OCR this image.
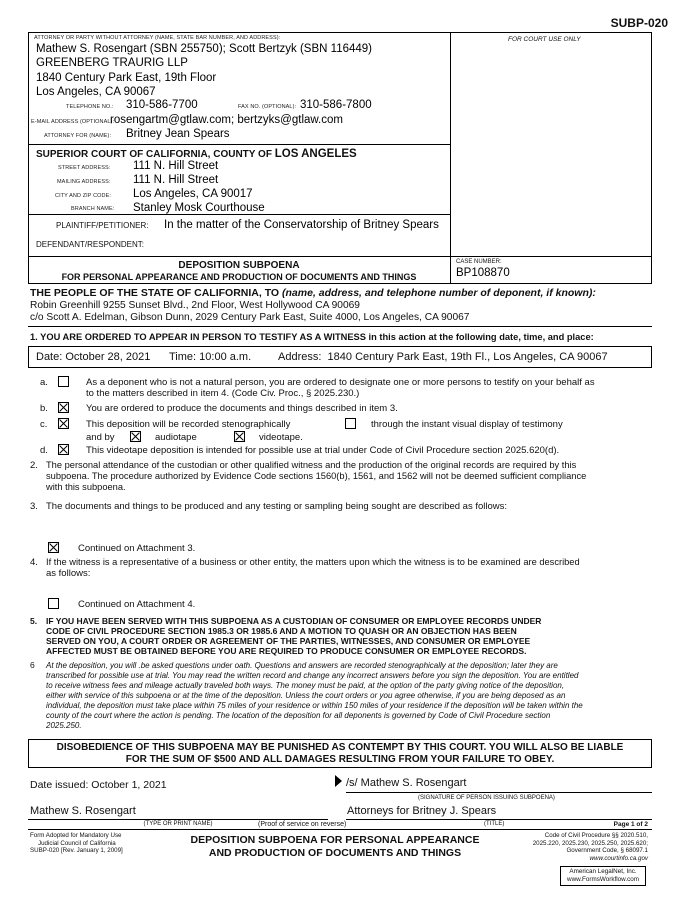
SUBP-020
FOR COURT USE ONLY
ATTORNEY OR PARTY WITHOUT ATTORNEY (NAME, STATE BAR NUMBER, AND ADDRESS):
Mathew S. Rosengart (SBN 255750); Scott Bertzyk (SBN 116449)
GREENBERG TRAURIG LLP
1840 Century Park East, 19th Floor
Los Angeles, CA 90067
TELEPHONE NO.: 310-586-7700	FAX NO. (OPTIONAL): 310-586-7800
E-MAIL ADDRESS (OPTIONAL):
rosengartm@gtlaw.com; bertzyks@gtlaw.com
ATTORNEY FOR (NAME): Britney Jean Spears
SUPERIOR COURT OF CALIFORNIA, COUNTY OF LOS ANGELES
STREET ADDRESS: 111 N. Hill Street
MAILING ADDRESS: 111 N. Hill Street
CITY AND ZIP CODE: Los Angeles, CA 90017
BRANCH NAME: Stanley Mosk Courthouse
PLAINTIFF/PETITIONER: In the matter of the Conservatorship of Britney Spears
DEFENDANT/RESPONDENT:
DEPOSITION SUBPOENA
FOR PERSONAL APPEARANCE AND PRODUCTION OF DOCUMENTS AND THINGS
CASE NUMBER:
BP108870
THE PEOPLE OF THE STATE OF CALIFORNIA, TO (name, address, and telephone number of deponent, if known):
Robin Greenhill 9255 Sunset Blvd., 2nd Floor, West Hollywood CA 90069
c/o Scott A. Edelman, Gibson Dunn, 2029 Century Park East, Suite 4000, Los Angeles, CA 90067
1. YOU ARE ORDERED TO APPEAR IN PERSON TO TESTIFY AS A WITNESS in this action at the following date, time, and place:
Date: October 28, 2021 Time: 10:00 a.m. Address: 1840 Century Park East, 19th Fl., Los Angeles, CA 90067
a.	As a deponent who is not a natural person, you are ordered to designate one or more persons to testify on your behalf as
to the matters described in item 4. (Code Civ. Proc., § 2025.230.)
b.	You are ordered to produce the documents and things described in item 3.
c.	This deposition will be recorded stenographically	through the instant visual display of testimony
and by	audiotape	videotape.
d.	This videotape deposition is intended for possible use at trial under Code of Civil Procedure section 2025.620(d).
2. The personal attendance of the custodian or other qualified witness and the production of the original records are required by this
subpoena. The procedure authorized by Evidence Code sections 1560(b), 1561, and 1562 will not be deemed sufficient compliance
with this subpoena.
3. The documents and things to be produced and any testing or sampling being sought are described as follows:
Continued on Attachment 3.
4. If the witness is a representative of a business or other entity, the matters upon which the witness is to be examined are described
as follows:
Continued on Attachment 4.
5. IF YOU HAVE BEEN SERVED WITH THIS SUBPOENA AS A CUSTODIAN OF CONSUMER OR EMPLOYEE RECORDS UNDER
CODE OF CIVIL PROCEDURE SECTION 1985.3 OR 1985.6 AND A MOTION TO QUASH OR AN OBJECTION HAS BEEN
SERVED ON YOU, A COURT ORDER OR AGREEMENT OF THE PARTIES, WITNESSES, AND CONSUMER OR EMPLOYEE
AFFECTED MUST BE OBTAINED BEFORE YOU ARE REQUIRED TO PRODUCE CONSUMER OR EMPLOYEE RECORDS.
6 At the deposition, you will .be asked questions under oath. Questions and answers are recorded stenographically at the deposition; later they are
transcribed for possible use at trial. You may read the written record and change any incorrect answers before you sign the deposition. You are entitled
to receive witness fees and mileage actually traveled both ways. The money must be paid, at the option of the party giving notice of the deposition,
either with service of this subpoena or at the time of the deposition. Unless the court orders or you agree otherwise, if you are being deposed as an
individual, the deposition must take place within 75 miles of your residence or within 150 miles of your residence if the deposition will be taken within the
county of the court where the action is pending. The location of the deposition for all deponents is governed by Code of Civil Procedure section
2025.250.
DISOBEDIENCE OF THIS SUBPOENA MAY BE PUNISHED AS CONTEMPT BY THIS COURT. YOU WILL ALSO BE LIABLE
FOR THE SUM OF $500 AND ALL DAMAGES RESULTING FROM YOUR FAILURE TO OBEY.
Date issued: October 1, 2021	/s/ Mathew S. Rosengart
(SIGNATURE OF PERSON ISSUING SUBPOENA)
Mathew S. Rosengart
(TYPE OR PRINT NAME)
Attorneys for Britney J. Spears
(Proof of service on reverse)	(TITLE)	Page 1 of 2
Form Adopted for Mandatory Use
Judicial Council of California
SUBP-020 [Rev. January 1, 2009]
DEPOSITION SUBPOENA FOR PERSONAL APPEARANCE
AND PRODUCTION OF DOCUMENTS AND THINGS
Code of Civil Procedure §§ 2020.510,
2025.220, 2025.230, 2025.250, 2025.620;
Government Code, § 68097.1
www.courtinfo.ca.gov
American LegalNet, Inc.
www.FormsWorkflow.com
